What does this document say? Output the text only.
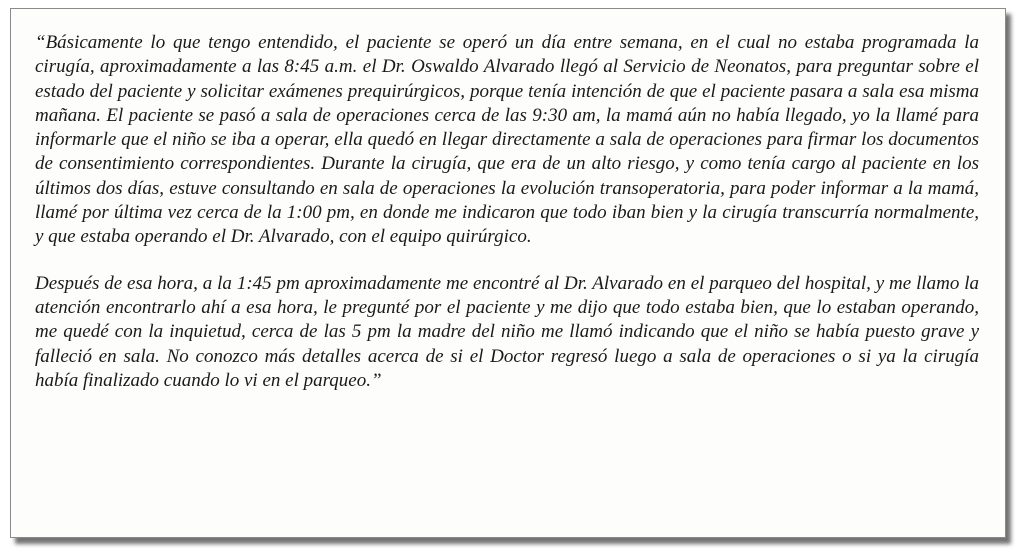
“Básicamente lo que tengo entendido, el paciente se operó un día entre semana, en el cual no estaba programada la cirugía, aproximadamente a las 8:45 a.m. el Dr. Oswaldo Alvarado llegó al Servicio de Neonatos, para preguntar sobre el estado del paciente y solicitar exámenes prequirúrgicos, porque tenía intención de que el paciente pasara a sala esa misma mañana. El paciente se pasó a sala de operaciones cerca de las 9:30 am, la mamá aún no había llegado, yo la llamé para informarle que el niño se iba a operar, ella quedó en llegar directamente a sala de operaciones para firmar los documentos de consentimiento correspondientes. Durante la cirugía, que era de un alto riesgo, y como tenía cargo al paciente en los últimos dos días, estuve consultando en sala de operaciones la evolución transoperatoria, para poder informar a la mamá, llamé por última vez cerca de la 1:00 pm, en donde me indicaron que todo iban bien y la cirugía transcurría normalmente, y que estaba operando el Dr. Alvarado, con el equipo quirúrgico.

Después de esa hora, a la 1:45 pm aproximadamente me encontré al Dr. Alvarado en el parqueo del hospital, y me llamo la atención encontrarlo ahí a esa hora, le pregunté por el paciente y me dijo que todo estaba bien, que lo estaban operando, me quedé con la inquietud, cerca de las 5 pm la madre del niño me llamó indicando que el niño se había puesto grave y falleció en sala. No conozco más detalles acerca de si el Doctor regresó luego a sala de operaciones o si ya la cirugía había finalizado cuando lo vi en el parqueo.”
